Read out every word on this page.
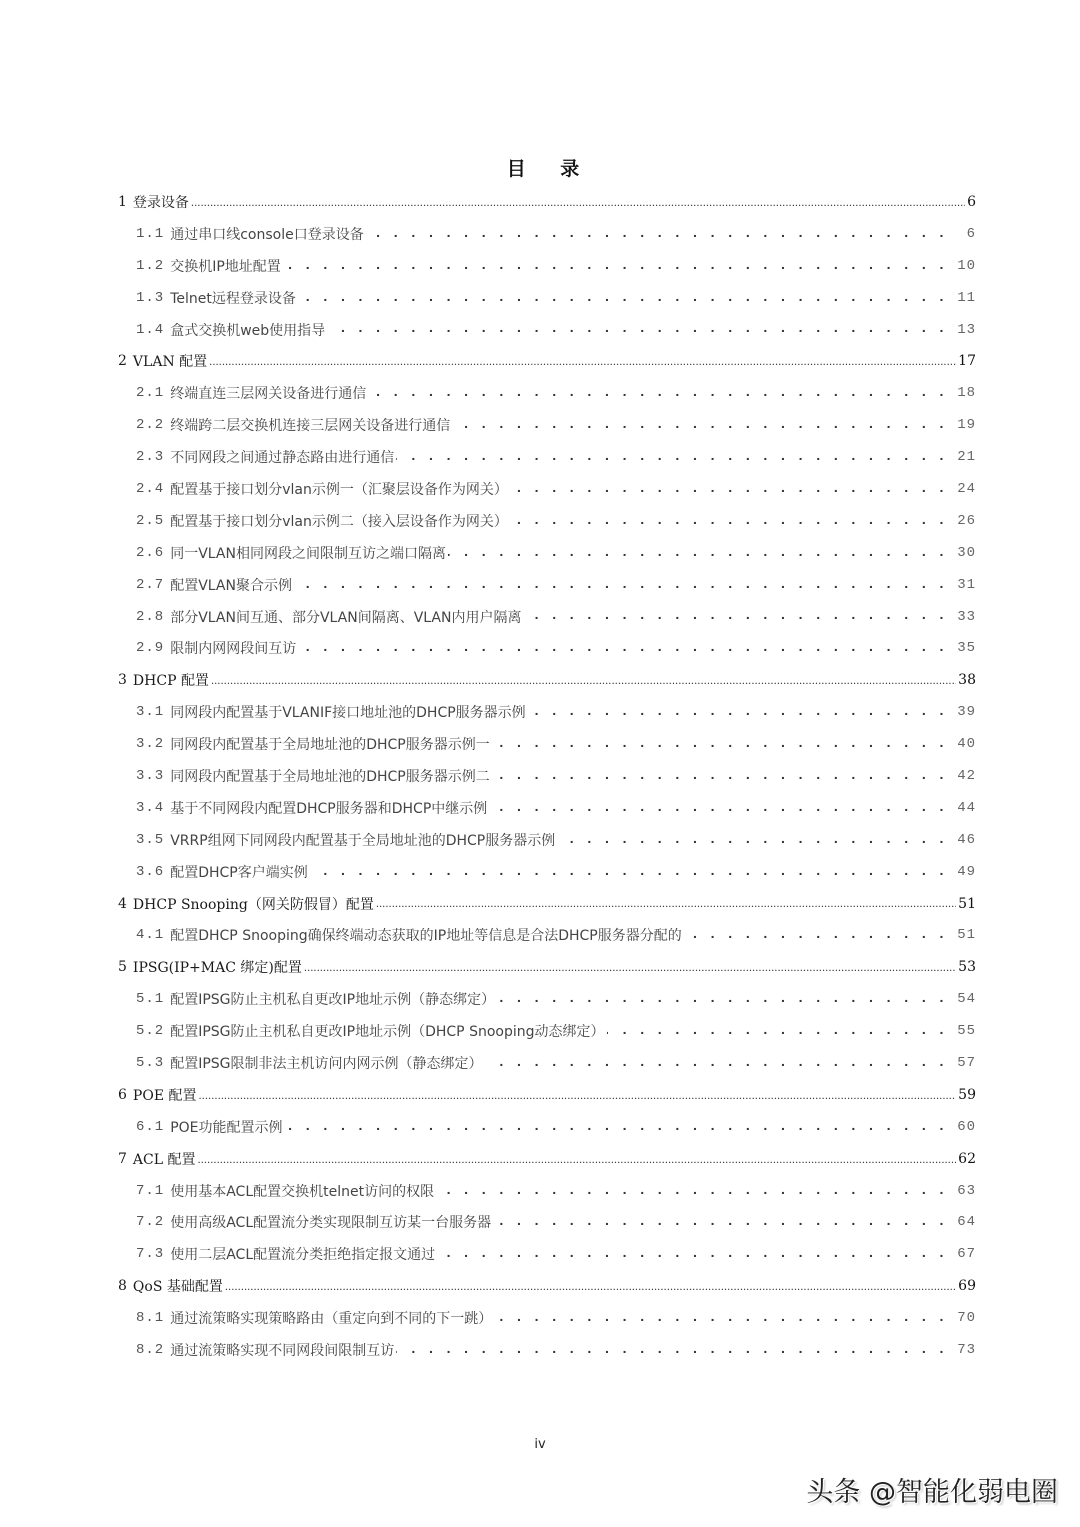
目 录
1 登录设备 .....	6
1.1 通过串口线console口登录设备 . . .	6
1.2 交换机IP地址配置 . . .	10
1.3 Telnet远程登录设备 . . .	11
1.4 盒式交换机web使用指导 . . .	13
2 VLAN 配置 .....	17
2.1 终端直连三层网关设备进行通信 . . .	18
2.2 终端跨二层交换机连接三层网关设备进行通信 . . .	19
2.3 不同网段之间通过静态路由进行通信 . . .	21
2.4 配置基于接口划分vlan示例一（汇聚层设备作为网关） . . .	24
2.5 配置基于接口划分vlan示例二（接入层设备作为网关） . . .	26
2.6 同一VLAN相同网段之间限制互访之端口隔离 . . .	30
2.7 配置VLAN聚合示例 . . .	31
2.8 部分VLAN间互通、部分VLAN间隔离、VLAN内用户隔离 . . .	33
2.9 限制内网网段间互访 . . .	35
3 DHCP 配置 .....	38
3.1 同网段内配置基于VLANIF接口地址池的DHCP服务器示例 . . .	39
3.2 同网段内配置基于全局地址池的DHCP服务器示例一 . . .	40
3.3 同网段内配置基于全局地址池的DHCP服务器示例二 . . .	42
3.4 基于不同网段内配置DHCP服务器和DHCP中继示例 . . .	44
3.5 VRRP组网下同网段内配置基于全局地址池的DHCP服务器示例 . . .	46
3.6 配置DHCP客户端实例 . . .	49
4 DHCP Snooping（网关防假冒）配置 .....	51
4.1 配置DHCP Snooping确保终端动态获取的IP地址等信息是合法DHCP服务器分配的 . . .	51
5 IPSG(IP+MAC 绑定)配置 .....	53
5.1 配置IPSG防止主机私自更改IP地址示例（静态绑定） . . .	54
5.2 配置IPSG防止主机私自更改IP地址示例（DHCP Snooping动态绑定） . . .	55
5.3 配置IPSG限制非法主机访问内网示例（静态绑定） . . .	57
6 POE 配置 .....	59
6.1 POE功能配置示例 . . .	60
7 ACL 配置 .....	62
7.1 使用基本ACL配置交换机telnet访问的权限 . . .	63
7.2 使用高级ACL配置流分类实现限制互访某一台服务器 . . .	64
7.3 使用二层ACL配置流分类拒绝指定报文通过 . . .	67
8 QoS 基础配置 .....	69
8.1 通过流策略实现策略路由（重定向到不同的下一跳） . . .	70
8.2 通过流策略实现不同网段间限制互访 . . .	73
iv
头条 @智能化弱电圈
